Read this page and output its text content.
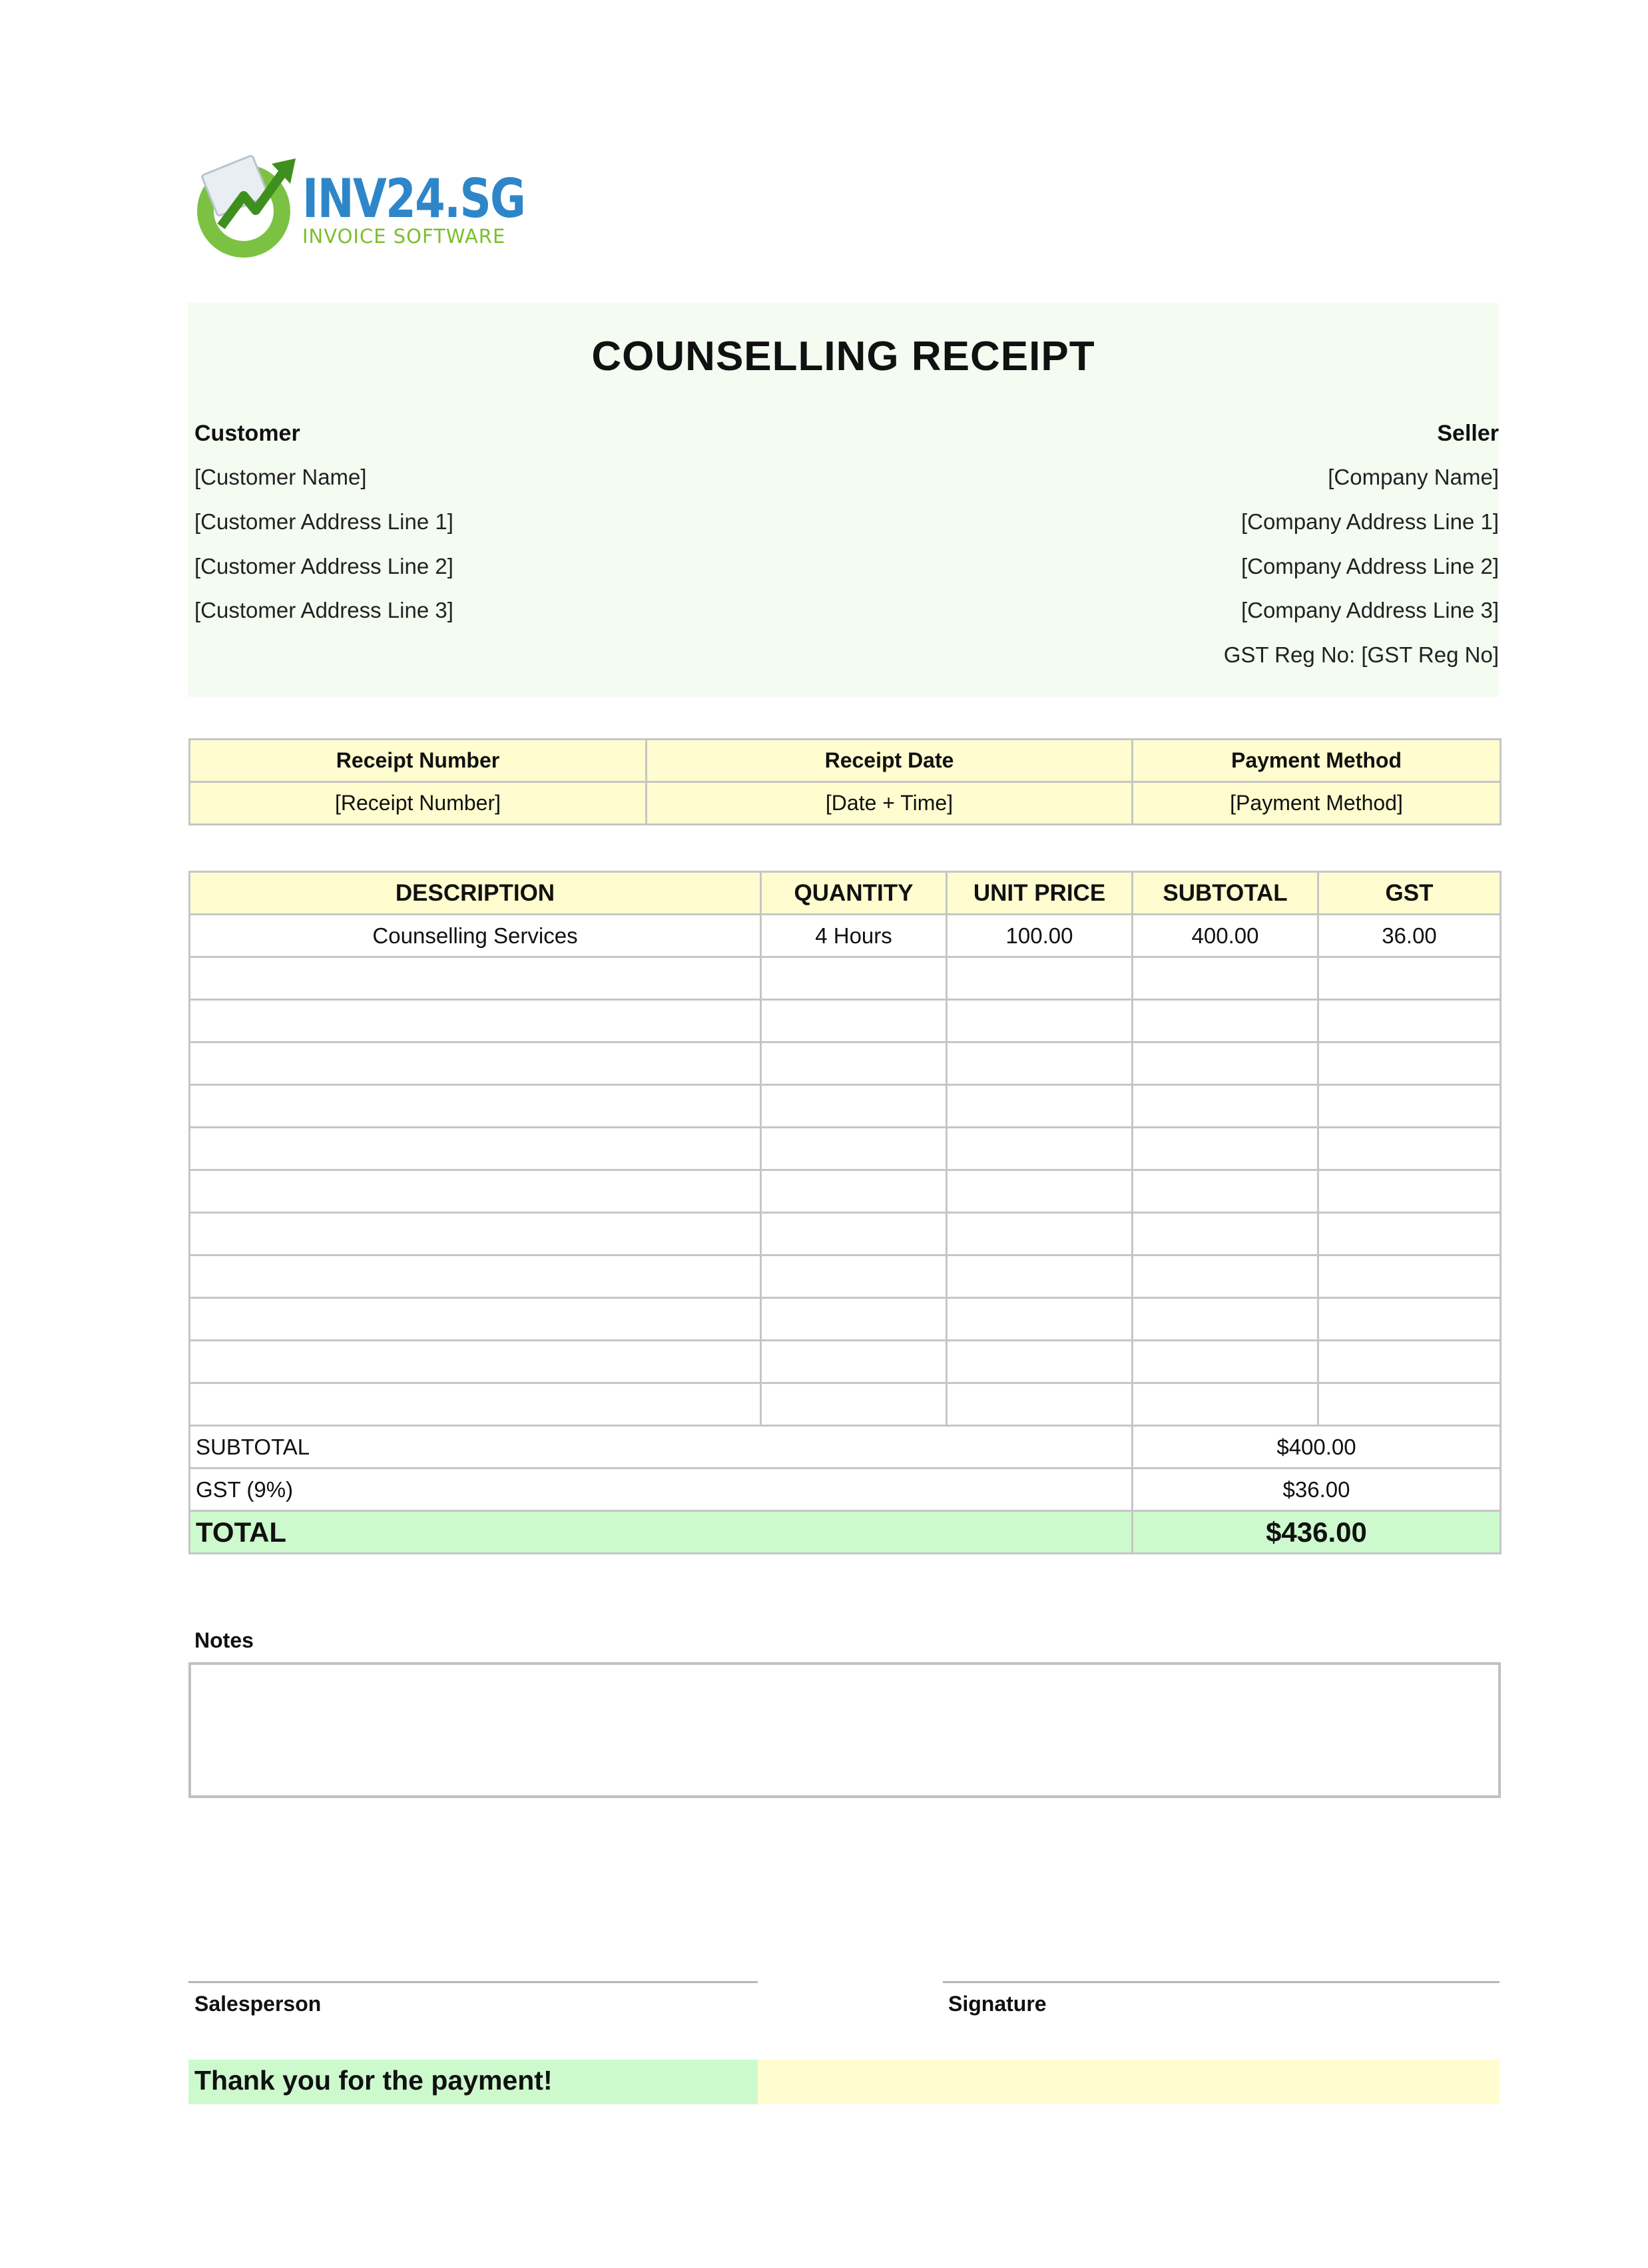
INV24.SG
INVOICE SOFTWARE
COUNSELLING RECEIPT
Customer
[Customer Name]
[Customer Address Line 1]
[Customer Address Line 2]
[Customer Address Line 3]
Seller
[Company Name]
[Company Address Line 1]
[Company Address Line 2]
[Company Address Line 3]
GST Reg No: [GST Reg No]
Receipt Number	Receipt Date	Payment Method
[Receipt Number]	[Date + Time]	[Payment Method]
DESCRIPTION	QUANTITY	UNIT PRICE	SUBTOTAL	GST
Counselling Services	4 Hours	100.00	400.00	36.00

SUBTOTAL			$400.00	
GST (9%)			$36.00	
TOTAL			$436.00	
Notes
Salesperson	Signature
Thank you for the payment!
